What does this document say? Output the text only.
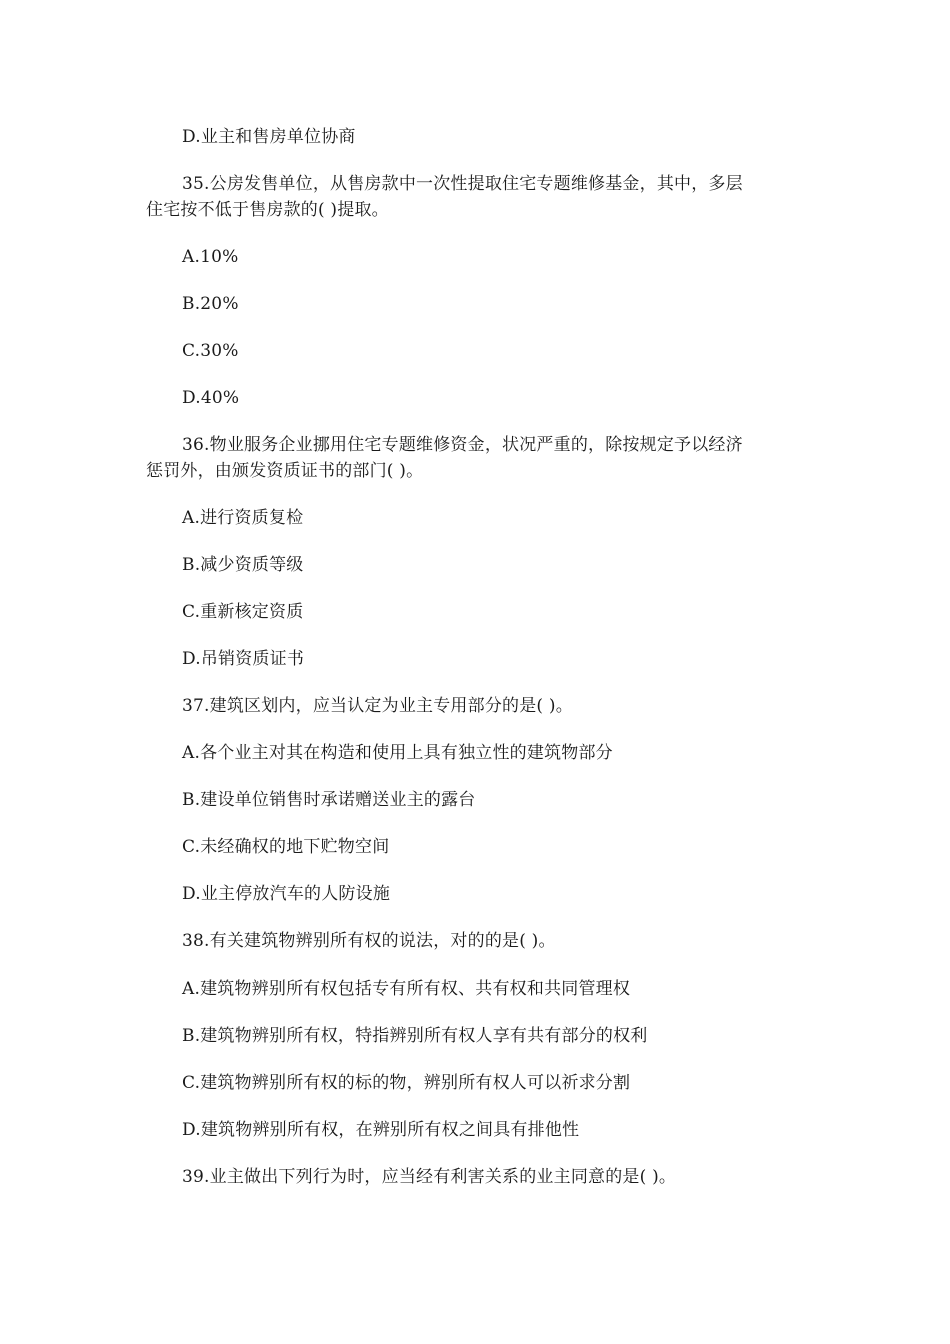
D.业主和售房单位协商
35.公房发售单位，从售房款中一次性提取住宅专题维修基金，其中，多层
住宅按不低于售房款的( )提取。
A.10%
B.20%
C.30%
D.40%
36.物业服务企业挪用住宅专题维修资金，状况严重的，除按规定予以经济
惩罚外，由颁发资质证书的部门( )。
A.进行资质复检
B.减少资质等级
C.重新核定资质
D.吊销资质证书
37.建筑区划内，应当认定为业主专用部分的是( )。
A.各个业主对其在构造和使用上具有独立性的建筑物部分
B.建设单位销售时承诺赠送业主的露台
C.未经确权的地下贮物空间
D.业主停放汽车的人防设施
38.有关建筑物辨别所有权的说法，对的的是( )。
A.建筑物辨别所有权包括专有所有权、共有权和共同管理权
B.建筑物辨别所有权，特指辨别所有权人享有共有部分的权利
C.建筑物辨别所有权的标的物，辨别所有权人可以祈求分割
D.建筑物辨别所有权，在辨别所有权之间具有排他性
39.业主做出下列行为时，应当经有利害关系的业主同意的是( )。
